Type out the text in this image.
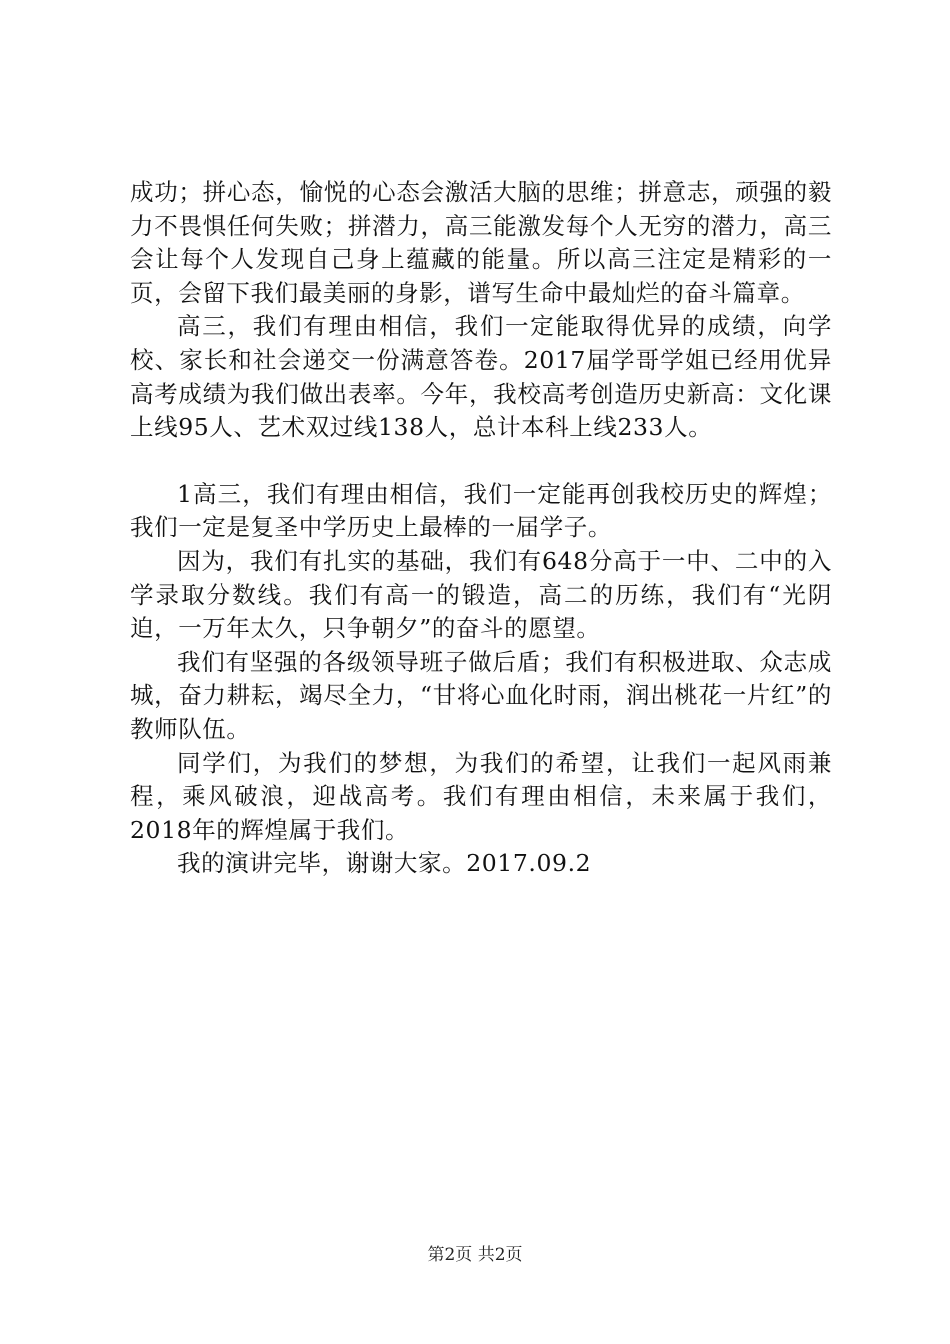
成功；拼心态，愉悦的心态会激活大脑的思维；拼意志，顽强的毅力不畏惧任何失败；拼潜力，高三能激发每个人无穷的潜力，高三会让每个人发现自己身上蕴藏的能量。所以高三注定是精彩的一页，会留下我们最美丽的身影，谱写生命中最灿烂的奋斗篇章。

高三，我们有理由相信，我们一定能取得优异的成绩，向学校、家长和社会递交一份满意答卷。2017届学哥学姐已经用优异高考成绩为我们做出表率。今年，我校高考创造历史新高：文化课上线95人、艺术双过线138人，总计本科上线233人。

1高三，我们有理由相信，我们一定能再创我校历史的辉煌；我们一定是复圣中学历史上最棒的一届学子。

因为，我们有扎实的基础，我们有648分高于一中、二中的入学录取分数线。我们有高一的锻造，高二的历练，我们有“光阴迫，一万年太久，只争朝夕”的奋斗的愿望。

我们有坚强的各级领导班子做后盾；我们有积极进取、众志成城，奋力耕耘，竭尽全力，“甘将心血化时雨，润出桃花一片红”的教师队伍。

同学们，为我们的梦想，为我们的希望，让我们一起风雨兼程，乘风破浪，迎战高考。我们有理由相信，未来属于我们，2018年的辉煌属于我们。

我的演讲完毕，谢谢大家。2017.09.2

第2页 共2页
